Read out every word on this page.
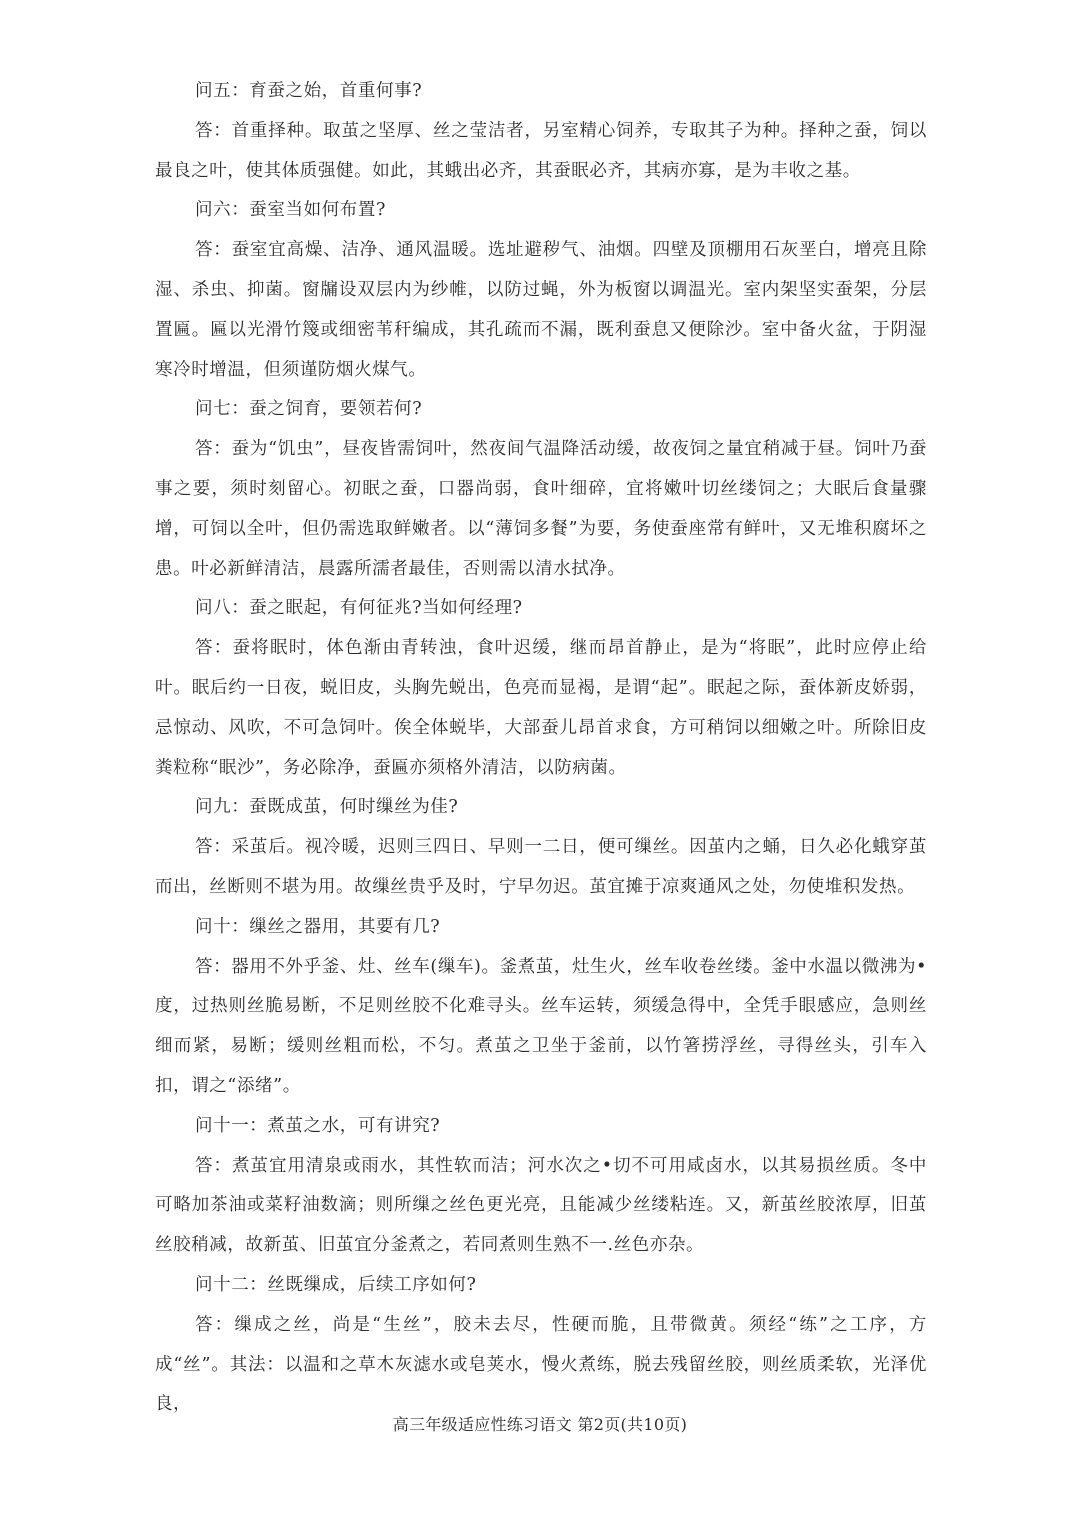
问五：育蚕之始，首重何事?

答：首重择种。取茧之坚厚、丝之莹洁者，另室精心饲养，专取其子为种。择种之蚕，饲以最良之叶，使其体质强健。如此，其蛾出必齐，其蚕眠必齐，其病亦寡，是为丰收之基。

问六：蚕室当如何布置?

答：蚕室宜高燥、洁净、通风温暖。选址避秽气、油烟。四壁及顶棚用石灰垩白，增亮且除湿、杀虫、抑菌。窗牖设双层内为纱帷，以防过蝇，外为板窗以调温光。室内架坚实蚕架，分层置匾。匾以光滑竹篾或细密苇秆编成，其孔疏而不漏，既利蚕息又便除沙。室中备火盆，于阴湿寒冷时增温，但须谨防烟火煤气。

问七：蚕之饲育，要领若何?

答：蚕为“饥虫”，昼夜皆需饲叶，然夜间气温降活动缓，故夜饲之量宜稍减于昼。饲叶乃蚕事之要，须时刻留心。初眠之蚕，口器尚弱，食叶细碎，宜将嫩叶切丝缕饲之；大眠后食量骤增，可饲以全叶，但仍需选取鲜嫩者。以“薄饲多餐”为要，务使蚕座常有鲜叶，又无堆积腐坏之患。叶必新鲜清洁，晨露所濡者最佳，否则需以清水拭净。

问八：蚕之眠起，有何征兆?当如何经理?

答：蚕将眠时，体色渐由青转浊，食叶迟缓，继而昂首静止，是为“将眠”，此时应停止给叶。眠后约一日夜，蜕旧皮，头胸先蜕出，色亮而显褐，是谓“起”。眠起之际，蚕体新皮娇弱，忌惊动、风吹，不可急饲叶。俟全体蜕毕，大部蚕儿昂首求食，方可稍饲以细嫩之叶。所除旧皮粪粒称“眠沙”，务必除净，蚕匾亦须格外清洁，以防病菌。

问九：蚕既成茧，何时缫丝为佳?

答：采茧后。视冷暖，迟则三四日、早则一二日，便可缫丝。因茧内之蛹，日久必化蛾穿茧而出，丝断则不堪为用。故缫丝贵乎及时，宁早勿迟。茧宜摊于凉爽通风之处，勿使堆积发热。

问十：缫丝之器用，其要有几?

答：器用不外乎釜、灶、丝车(缫车)。釜煮茧，灶生火，丝车收卷丝缕。釜中水温以微沸为•度，过热则丝脆易断，不足则丝胶不化难寻头。丝车运转，须缓急得中，全凭手眼感应，急则丝细而紧，易断；缓则丝粗而松，不匀。煮茧之卫坐于釜前，以竹箸捞浮丝，寻得丝头，引车入扣，谓之“添绪”。

问十一：煮茧之水，可有讲究?

答：煮茧宜用清泉或雨水，其性软而洁；河水次之•切不可用咸卤水，以其易损丝质。冬中可略加茶油或菜籽油数滴；则所缫之丝色更光亮，且能减少丝缕粘连。又，新茧丝胶浓厚，旧茧丝胶稍减，故新茧、旧茧宜分釜煮之，若同煮则生熟不一.丝色亦杂。

问十二：丝既缫成，后续工序如何?

答：缫成之丝，尚是“生丝”，胶未去尽，性硬而脆，且带微黄。须经“练”之工序，方成“丝”。其法：以温和之草木灰滤水或皂荚水，慢火煮练，脱去残留丝胶，则丝质柔软，光泽优良，

高三年级适应性练习语文 第2页(共10页)
